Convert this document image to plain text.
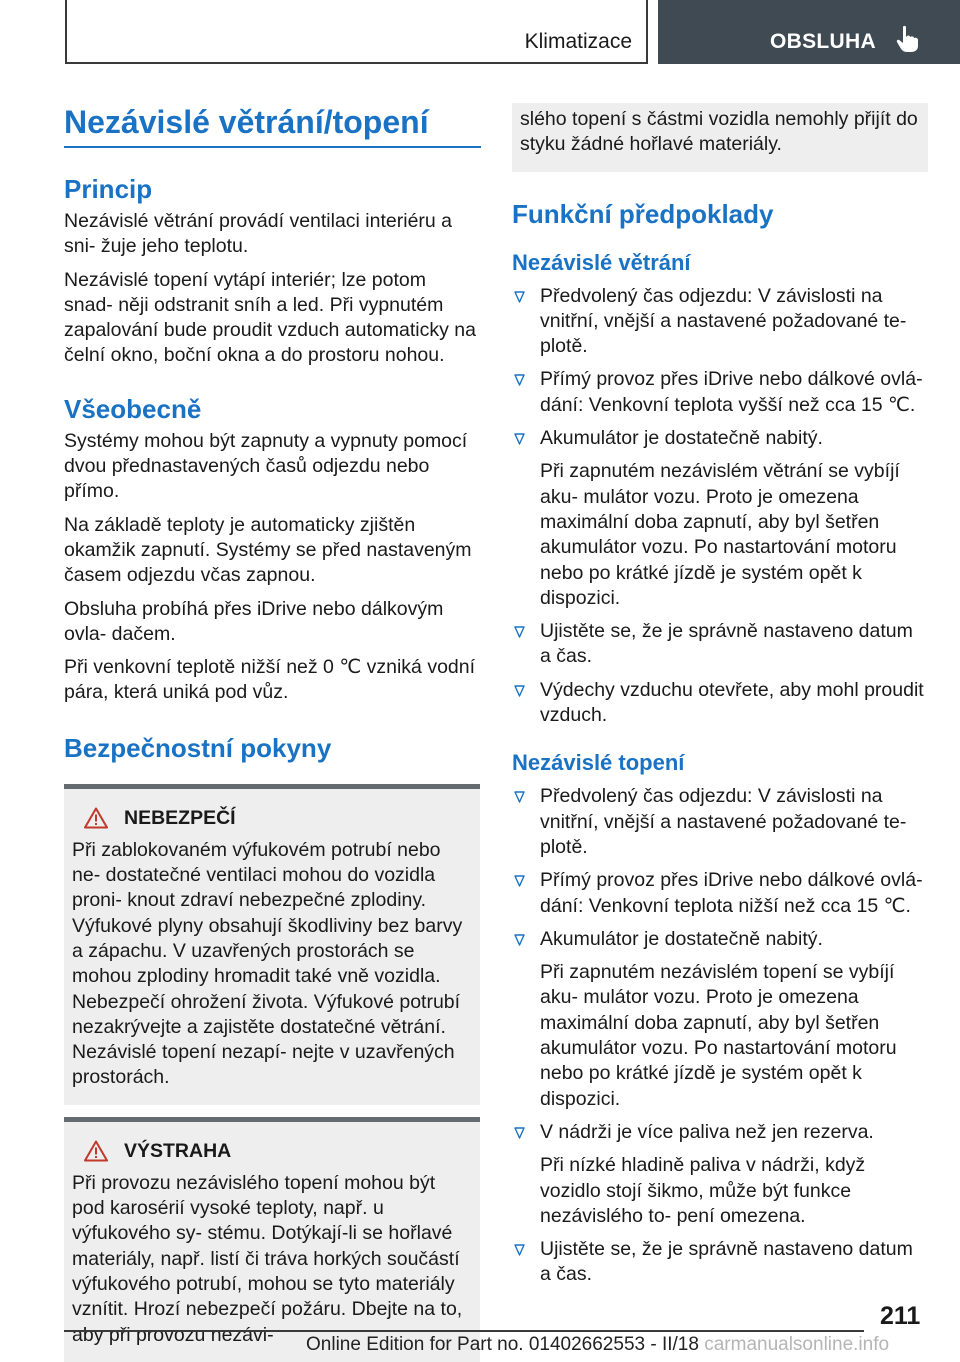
Klimatizace	OBSLUHA
Nezávislé větrání/topení
Princip

Nezávislé větrání provádí ventilaci interiéru a sni- žuje jeho teplotu.

Nezávislé topení vytápí interiér; lze potom snad- něji odstranit sníh a led. Při vypnutém zapalování bude proudit vzduch automaticky na čelní okno, boční okna a do prostoru nohou.

Všeobecně

Systémy mohou být zapnuty a vypnuty pomocí dvou přednastavených časů odjezdu nebo přímo.

Na základě teploty je automaticky zjištěn okamžik zapnutí. Systémy se před nastaveným časem odjezdu včas zapnou.

Obsluha probíhá přes iDrive nebo dálkovým ovla- dačem.

Při venkovní teplotě nižší než 0 ℃ vzniká vodní pára, která uniká pod vůz.

Bezpečnostní pokyny
NEBEZPEČÍ

Při zablokovaném výfukovém potrubí nebo ne- dostatečné ventilaci mohou do vozidla proni- knout zdraví nebezpečné zplodiny. Výfukové plyny obsahují škodliviny bez barvy a zápachu. V uzavřených prostorách se mohou zplodiny hromadit také vně vozidla. Nebezpečí ohrožení života. Výfukové potrubí nezakrývejte a zajistěte dostatečné větrání. Nezávislé topení nezapí- nejte v uzavřených prostorách.

VÝSTRAHA

Při provozu nezávislého topení mohou být pod karosérií vysoké teploty, např. u výfukového sy- stému. Dotýkají-li se hořlavé materiály, např. listí či tráva horkých součástí výfukového potrubí, mohou se tyto materiály vznítit. Hrozí nebezpečí požáru. Dbejte na to, aby při provozu nezávi-

slého topení s částmi vozidla nemohly přijít do styku žádné hořlavé materiály.

Funkční předpoklady
Nezávislé větrání

Předvolený čas odjezdu: V závislosti na vnitřní, vnější a nastavené požadované te- plotě.

Přímý provoz přes iDrive nebo dálkové ovlá- dání: Venkovní teplota vyšší než cca 15 ℃.

Akumulátor je dostatečně nabitý.

Při zapnutém nezávislém větrání se vybíjí aku- mulátor vozu. Proto je omezena maximální doba zapnutí, aby byl šetřen akumulátor vozu. Po nastartování motoru nebo po krátké jízdě je systém opět k dispozici.

Ujistěte se, že je správně nastaveno datum a čas.

Výdechy vzduchu otevřete, aby mohl proudit vzduch.

Nezávislé topení

Předvolený čas odjezdu: V závislosti na vnitřní, vnější a nastavené požadované te- plotě.

Přímý provoz přes iDrive nebo dálkové ovlá- dání: Venkovní teplota nižší než cca 15 ℃.

Akumulátor je dostatečně nabitý.

Při zapnutém nezávislém topení se vybíjí aku- mulátor vozu. Proto je omezena maximální doba zapnutí, aby byl šetřen akumulátor vozu. Po nastartování motoru nebo po krátké jízdě je systém opět k dispozici.

V nádrži je více paliva než jen rezerva.

Při nízké hladině paliva v nádrži, když vozidlo stojí šikmo, může být funkce nezávislého to- pení omezena.

Ujistěte se, že je správně nastaveno datum a čas.

211
Online Edition for Part no. 01402662553 - II/18 carmanualsonline.info
